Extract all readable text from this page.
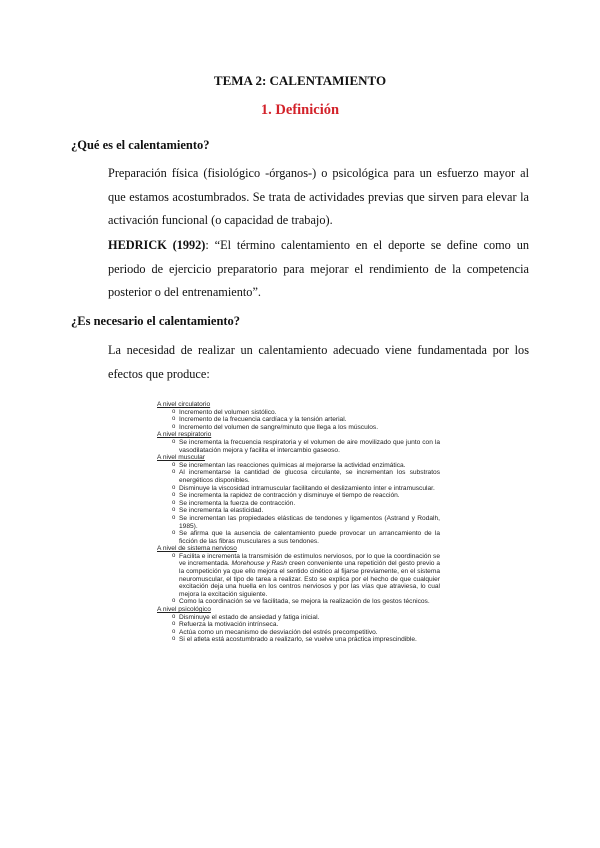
TEMA 2: CALENTAMIENTO
1. Definición
¿Qué es el calentamiento?
Preparación física (fisiológico -órganos-) o psicológica para un esfuerzo mayor al que estamos acostumbrados. Se trata de actividades previas que sirven para elevar la activación funcional (o capacidad de trabajo).
HEDRICK (1992): “El término calentamiento en el deporte se define como un periodo de ejercicio preparatorio para mejorar el rendimiento de la competencia posterior o del entrenamiento”.
¿Es necesario el calentamiento?
La necesidad de realizar un calentamiento adecuado viene fundamentada por los efectos que produce:
A nivel circulatorio
o Incremento del volumen sistólico.
o Incremento de la frecuencia cardíaca y la tensión arterial.
o Incremento del volumen de sangre/minuto que llega a los músculos.
A nivel respiratorio
o Se incrementa la frecuencia respiratoria y el volumen de aire movilizado que junto con la vasodilatación mejora y facilita el intercambio gaseoso.
A nivel muscular
o Se incrementan las reacciones químicas al mejorarse la actividad enzimática.
o Al incrementarse la cantidad de glucosa circulante, se incrementan los substratos energéticos disponibles.
o Disminuye la viscosidad intramuscular facilitando el deslizamiento ínter e intramuscular.
o Se incrementa la rapidez de contracción y disminuye el tiempo de reacción.
o Se incrementa la fuerza de contracción.
o Se incrementa la elasticidad.
o Se incrementan las propiedades elásticas de tendones y ligamentos (Astrand y Rodalh, 1985).
o Se afirma que la ausencia de calentamiento puede provocar un arrancamiento de la ficción de las fibras musculares a sus tendones.
A nivel de sistema nervioso
o Facilita e incrementa la transmisión de estímulos nerviosos, por lo que la coordinación se ve incrementada. Morehouse y Rash creen conveniente una repetición del gesto previo a la competición ya que ello mejora el sentido cinético al fijarse previamente, en el sistema neuromuscular, el tipo de tarea a realizar. Esto se explica por el hecho de que cualquier excitación deja una huella en los centros nerviosos y por las vías que atraviesa, lo cual mejora la excitación siguiente.
o Como la coordinación se ve facilitada, se mejora la realización de los gestos técnicos.
A nivel psicológico
o Disminuye el estado de ansiedad y fatiga inicial.
o Refuerza la motivación intrínseca.
o Actúa como un mecanismo de desviación del estrés precompetitivo.
o Si el atleta está acostumbrado a realizarlo, se vuelve una práctica imprescindible.
